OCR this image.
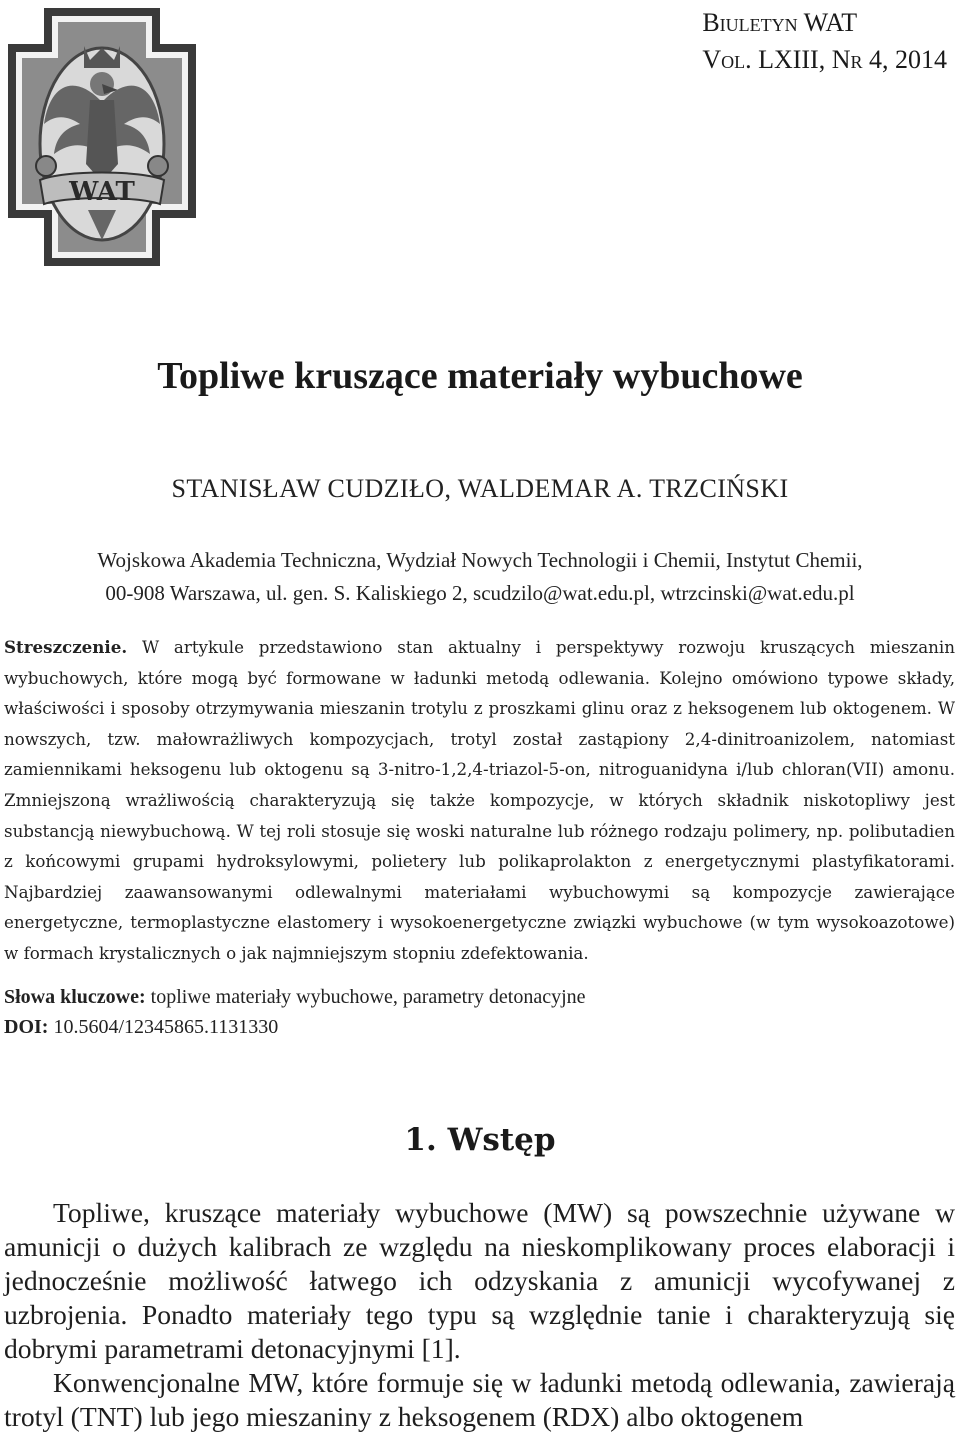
Biuletyn WAT
Vol. LXIII, Nr 4, 2014
WAT
Topliwe kruszące materiały wybuchowe
STANISŁAW CUDZIŁO, WALDEMAR A. TRZCIŃSKI
Wojskowa Akademia Techniczna, Wydział Nowych Technologii i Chemii, Instytut Chemii,
00-908 Warszawa, ul. gen. S. Kaliskiego 2, scudzilo@wat.edu.pl, wtrzcinski@wat.edu.pl
Streszczenie. W artykule przedstawiono stan aktualny i perspektywy rozwoju kruszących mieszanin wybuchowych, które mogą być formowane w ładunki metodą odlewania. Kolejno omówiono typowe składy, właściwości i sposoby otrzymywania mieszanin trotylu z proszkami glinu oraz z heksogenem lub oktogenem. W nowszych, tzw. małowrażliwych kompozycjach, trotyl został zastąpiony 2,4-dinitroanizolem, natomiast zamiennikami heksogenu lub oktogenu są 3-nitro-1,2,4-triazol-5-on, nitroguanidyna i/lub chloran(VII) amonu. Zmniejszoną wrażliwością charakteryzują się także kompozycje, w których składnik niskotopliwy jest substancją niewybuchową. W tej roli stosuje się woski naturalne lub różnego rodzaju polimery, np. polibutadien z końcowymi grupami hydroksylowymi, polietery lub polikaprolakton z energetycznymi plastyfikatorami. Najbardziej zaawansowanymi odlewalnymi materiałami wybuchowymi są kompozycje zawierające energetyczne, termoplastyczne elastomery i wysokoenergetyczne związki wybuchowe (w tym wysokoazotowe) w formach krystalicznych o jak najmniejszym stopniu zdefektowania.
Słowa kluczowe: topliwe materiały wybuchowe, parametry detonacyjne
DOI: 10.5604/12345865.1131330
1. Wstęp

Topliwe, kruszące materiały wybuchowe (MW) są powszechnie używane w amunicji o dużych kalibrach ze względu na nieskomplikowany proces elaboracji i jednocześnie możliwość łatwego ich odzyskania z amunicji wycofywanej z uzbrojenia. Ponadto materiały tego typu są względnie tanie i charakteryzują się dobrymi parametrami detonacyjnymi [1].

Konwencjonalne MW, które formuje się w ładunki metodą odlewania, zawierają trotyl (TNT) lub jego mieszaniny z heksogenem (RDX) albo oktogenem
